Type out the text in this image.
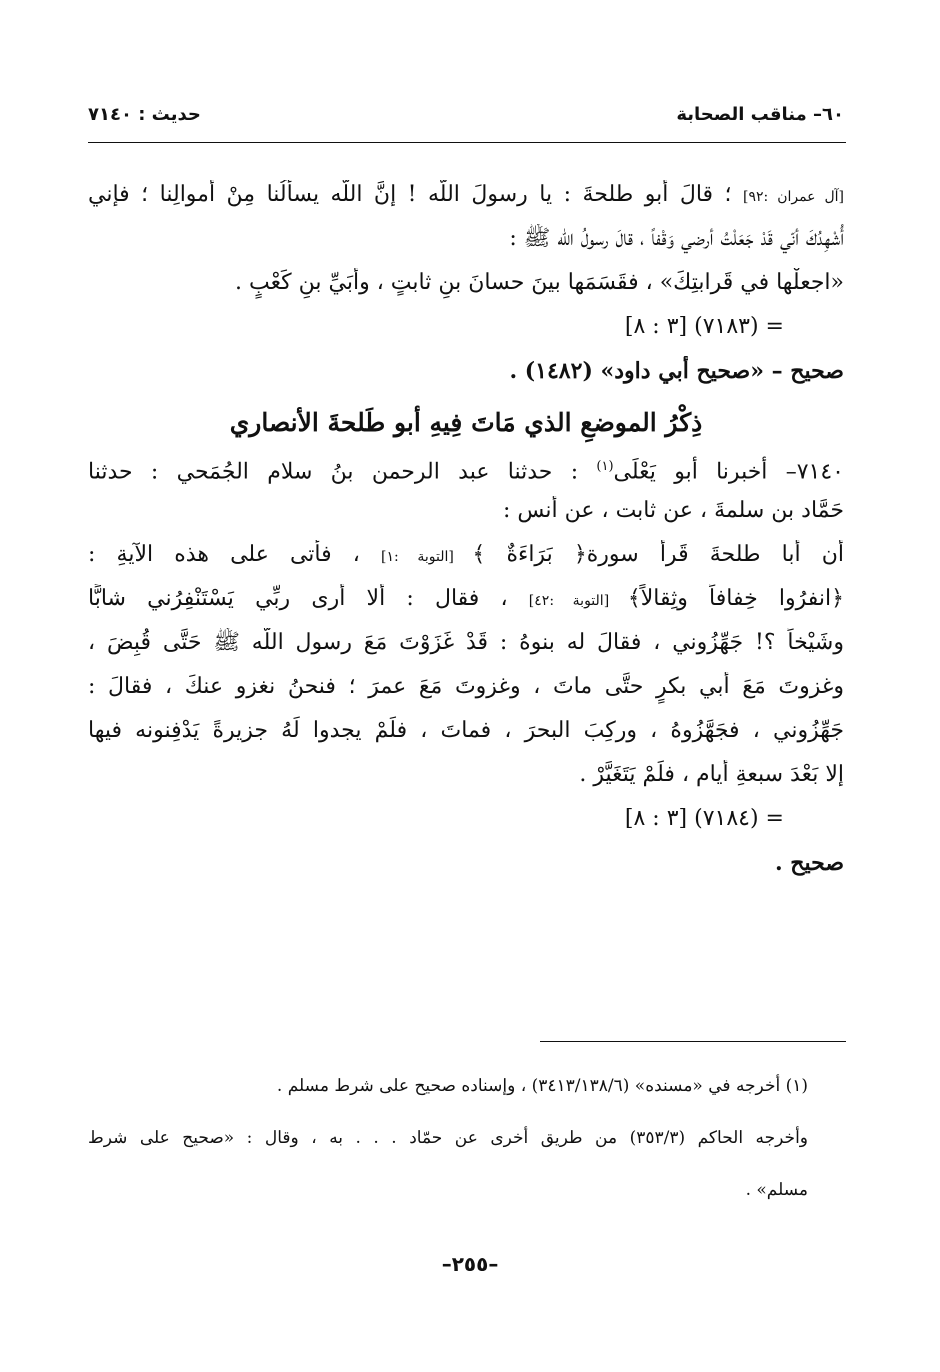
٦٠– مناقب الصحابة
حديث : ٧١٤٠
[آل عمران :٩٢] ؛ قالَ أبو طلحةَ : يا رسولَ اللّه ! إنَّ اللّه يسألُنا مِنْ أموالِنا ؛ فإني
أُشْهِدُكَ أنّي قَدْ جَعَلْتُ أرضي وَقْفاً ، قالَ رسولُ اللّه ﷺ :
«اجعلْها في قَرابتِكَ» ، فقَسَمَها بينَ حسانَ بنِ ثابتٍ ، وأُبَيِّ بنِ كَعْبٍ .
= (٧١٨٣) [٣ : ٨]
صحيح – «صحيح أبي داود» (١٤٨٢) .
ذِكْرُ الموضعِ الذي مَاتَ فِيهِ أبو طَلحةَ الأنصاري
٧١٤٠– أخبرنا أبو يَعْلَى$^{(١)}$ : حدثنا عبد الرحمن بنُ سلام الجُمَحي : حدثنا
حَمَّاد بن سلمةَ ، عن ثابت ، عن أنس :
أن أبا طلحةَ قَرأَ سورة﴿ بَرَاءَةٌ ﴾ [التوبة :١] ، فأتى على هذه الآيةِ :
﴿انفرُوا خِفافاً وثِقالاً﴾ [التوبة :٤٢] ، فقال : ألا أرى ربِّي يَسْتَنْفِرُني شابًّا
وشَيْخاً ؟! جَهِّزُوني ، فقالَ له بنوهُ : قَدْ غَزَوْتَ مَعَ رسول اللّه ﷺ حَتَّى قُبِضَ ،
وغزوتَ مَعَ أبي بكرٍ حتَّى ماتَ ، وغزوتَ مَعَ عمرَ ؛ فنحنُ نغزو عنكَ ، فقالَ :
جَهِّزُوني ، فجَهَّزُوهُ ، وركِبَ البحرَ ، فماتَ ، فلَمْ يجدوا لَهُ جزيرةً يَدْفِنونه فيها
إلا بَعْدَ سبعةِ أيام ، فلَمْ يَتَغَيَّرْ .
= (٧١٨٤) [٣ : ٨]
صحيح .
(١) أخرجه في «مسنده» (٣٤١٣/١٣٨/٦) ، وإسناده صحيح على شرط مسلم .
وأخرجه الحاكم (٣٥٣/٣) من طريق أخرى عن حمّاد . . . به ، وقال : «صحيح على شرط
مسلم» .
–٢٥٥–
